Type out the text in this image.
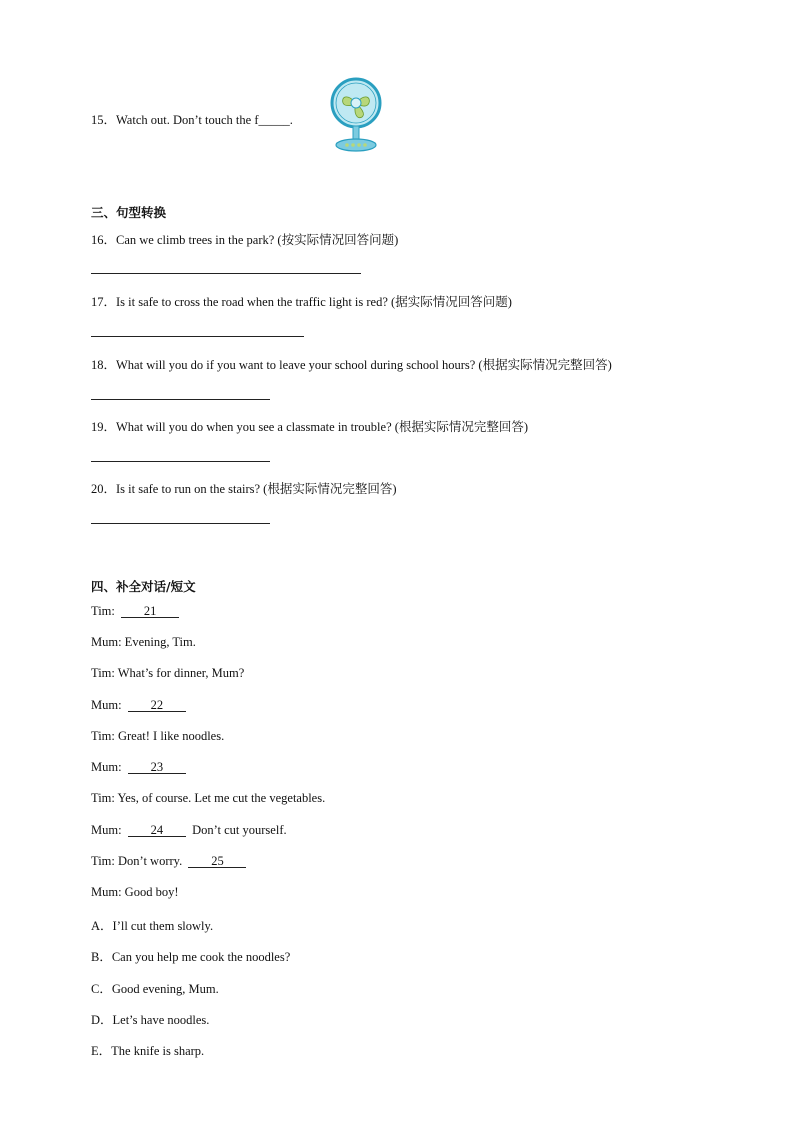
15．Watch out. Don’t touch the f_____.
三、句型转换
16．Can we climb trees in the park? (按实际情况回答问题)
17．Is it safe to cross the road when the traffic light is red? (据实际情况回答问题)
18．What will you do if you want to leave your school during school hours? (根据实际情况完整回答)
19．What will you do when you see a classmate in trouble? (根据实际情况完整回答)
20．Is it safe to run on the stairs? (根据实际情况完整回答)
四、补全对话/短文
Tim: 21
Mum: Evening, Tim.
Tim: What’s for dinner, Mum?
Mum: 22
Tim: Great! I like noodles.
Mum: 23
Tim: Yes, of course. Let me cut the vegetables.
Mum: 24 Don’t cut yourself.
Tim: Don’t worry. 25
Mum: Good boy!
A．I’ll cut them slowly.
B．Can you help me cook the noodles?
C．Good evening, Mum.
D．Let’s have noodles.
E．The knife is sharp.
